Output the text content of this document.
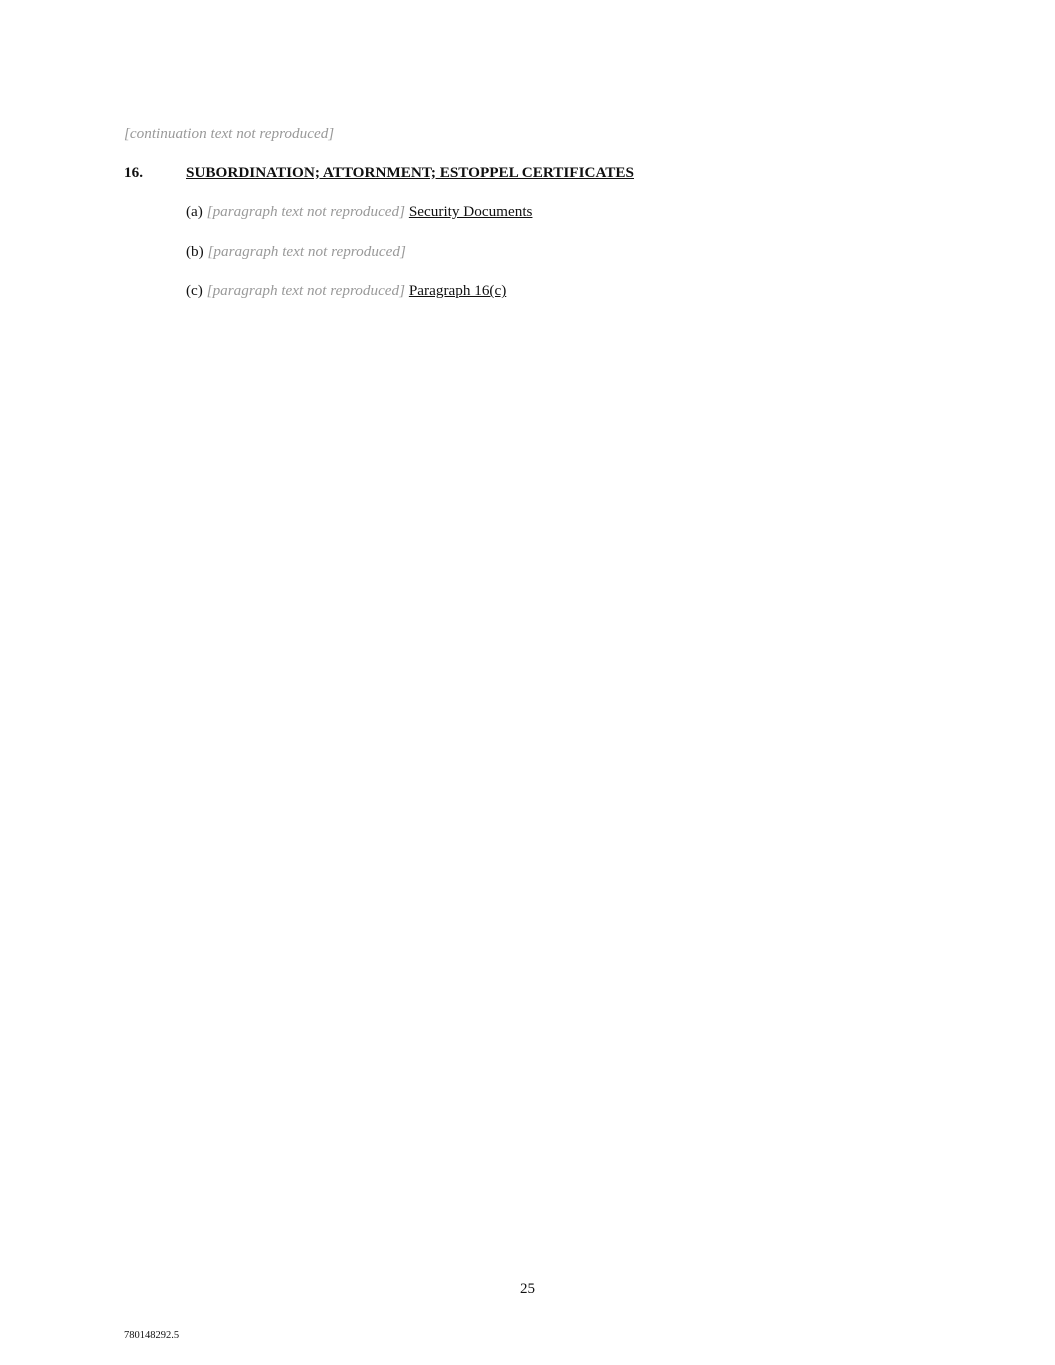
[continuation text not reproduced]

16.	SUBORDINATION; ATTORNMENT; ESTOPPEL CERTIFICATES

(a) [paragraph text not reproduced] Security Documents

(b) [paragraph text not reproduced]

(c) [paragraph text not reproduced] Paragraph 16(c)

25
780148292.5
